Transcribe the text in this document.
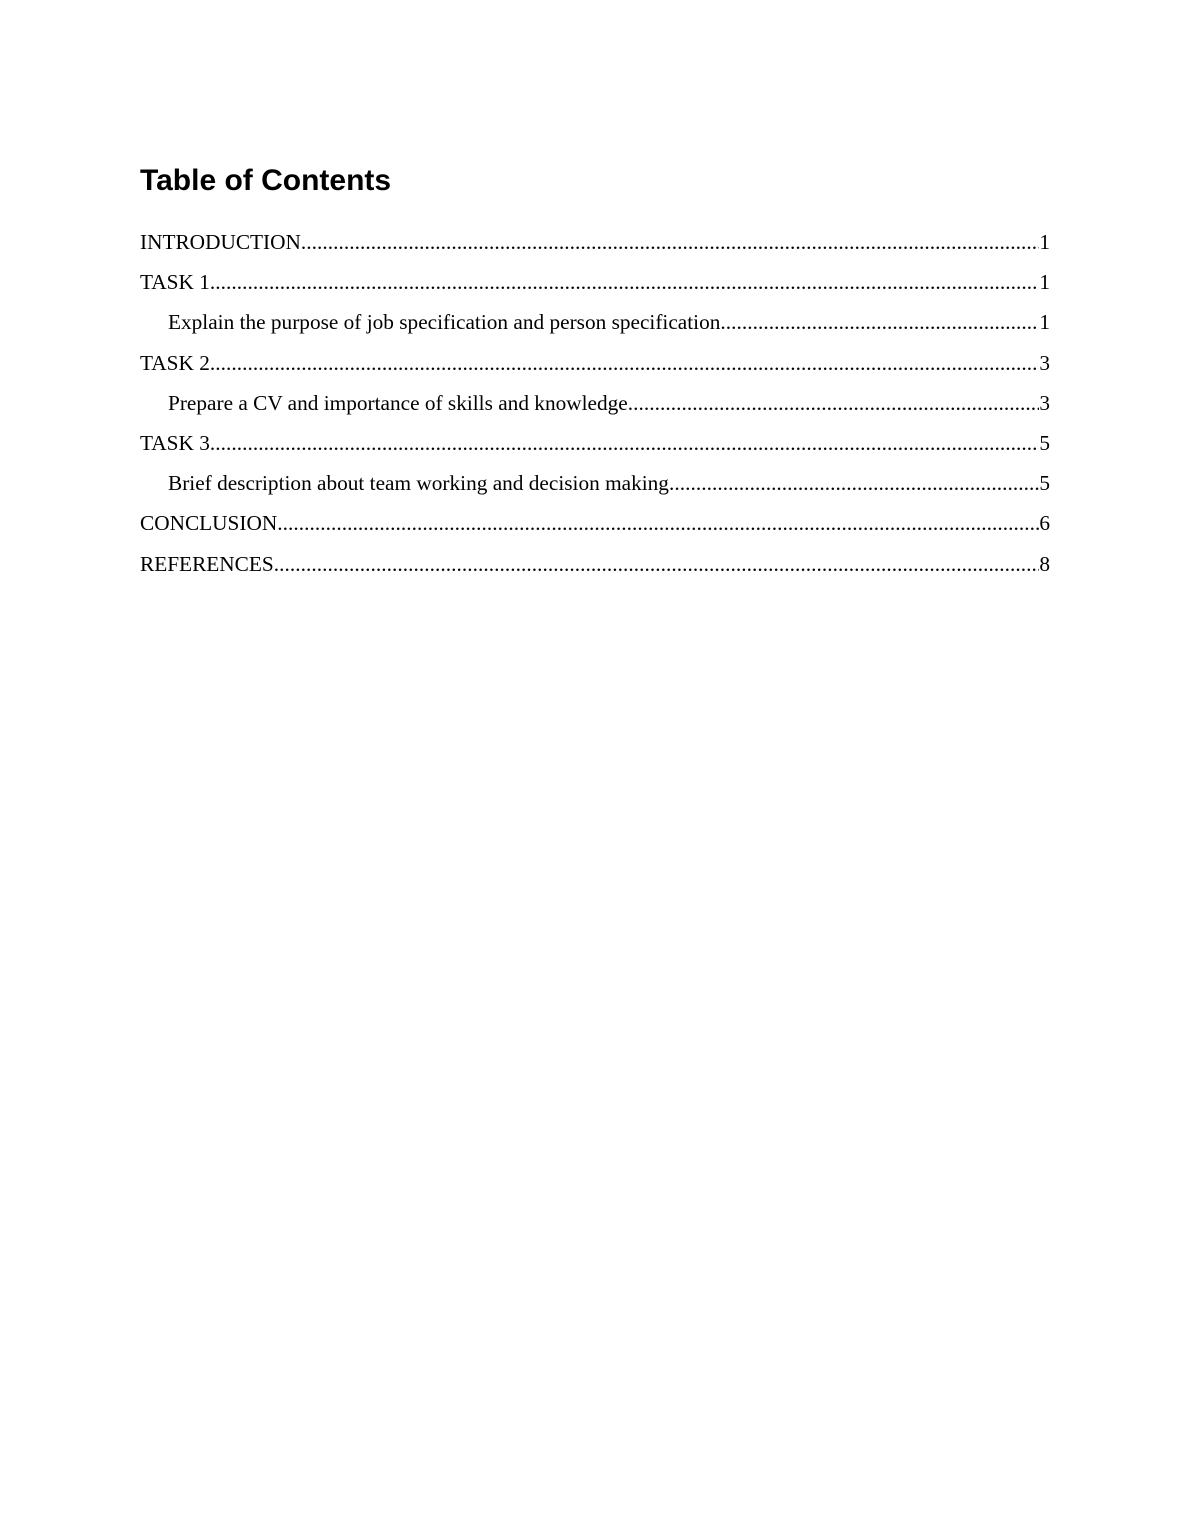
Table of Contents
INTRODUCTION .....	1
TASK 1 .....	1
Explain the purpose of job specification and person specification .....	1
TASK 2 .....	3
Prepare a CV and importance of skills and knowledge .....	3
TASK 3 .....	5
Brief description about team working and decision making .....	5
CONCLUSION .....	6
REFERENCES .....	8
